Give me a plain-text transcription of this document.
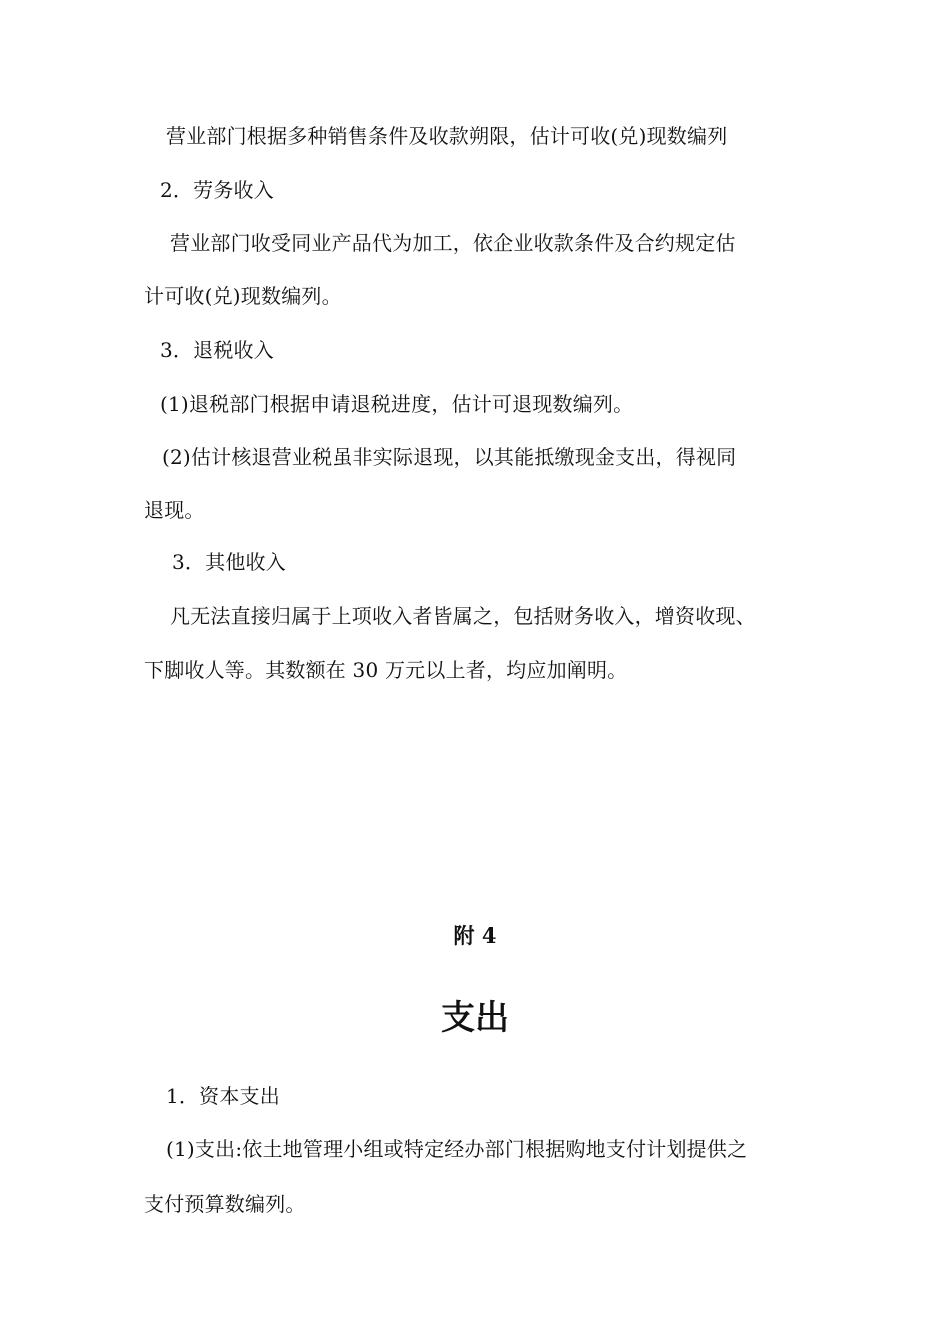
营业部门根据多种销售条件及收款朔限，估计可收(兑)现数编列
2．劳务收入
营业部门收受同业产品代为加工，依企业收款条件及合约规定估
计可收(兑)现数编列。
3．退税收入
(1)退税部门根据申请退税进度，估计可退现数编列。
(2)估计核退营业税虽非实际退现，以其能抵缴现金支出，得视同
退现。
3．其他收入
凡无法直接归属于上项收入者皆属之，包括财务收入，增资收现、
下脚收人等。其数额在 30 万元以上者，均应加阐明。
附 4
支出
1．资本支出
(1)支出:依土地管理小组或特定经办部门根据购地支付计划提供之
支付预算数编列。
